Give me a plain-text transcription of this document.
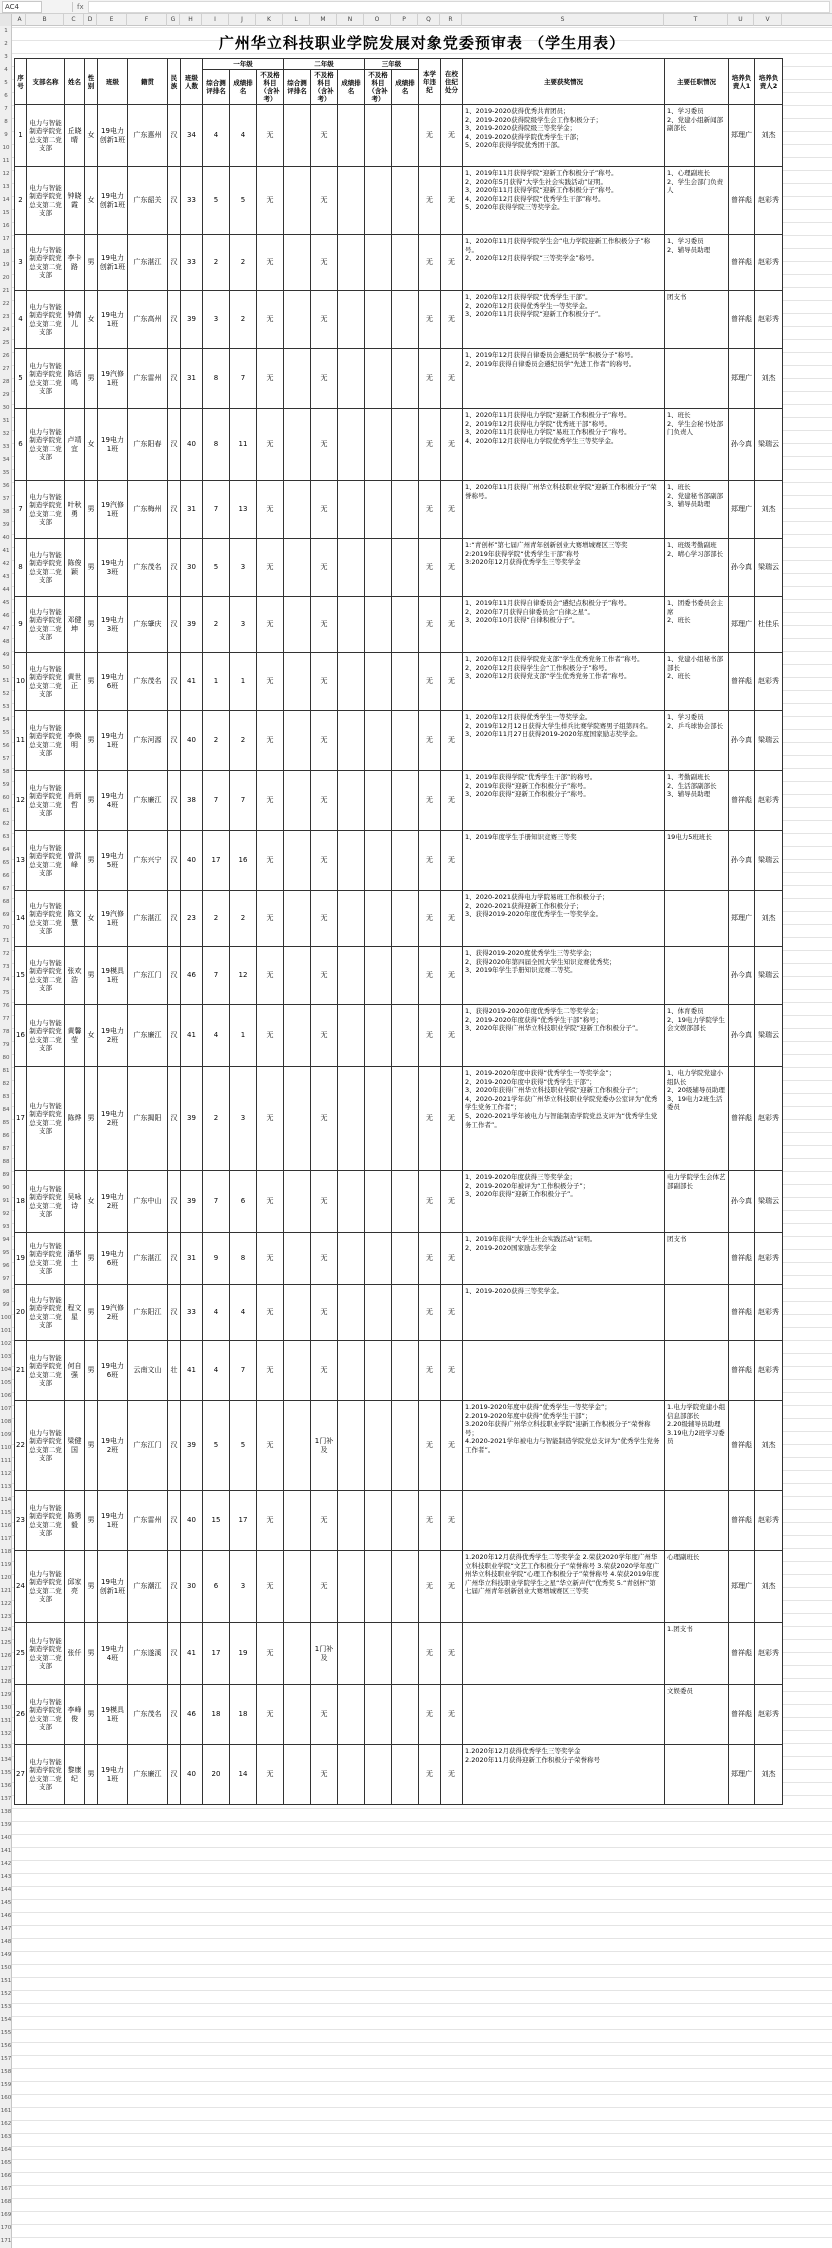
AC4	fx
A	B	C	D	E	F	G	H	I	J	K	L	M	N	O	P	Q	R	S	T	U	V
1
2
3
4
5
6
7
8
9
10
11
12
13
14
15
16
17
18
19
20
21
22
23
24
25
26
27
28
29
30
31
32
33
34
35
36
37
38
39
40
41
42
43
44
45
46
47
48
49
50
51
52
53
54
55
56
57
58
59
60
61
62
63
64
65
66
67
68
69
70
71
72
73
74
75
76
77
78
79
80
81
82
83
84
85
86
87
88
89
90
91
92
93
94
95
96
97
98
99
100
101
102
103
104
105
106
107
108
109
110
111
112
113
114
115
116
117
118
119
120
121
122
123
124
125
126
127
128
129
130
131
132
133
134
135
136
137
138
139
140
141
142
143
144
145
146
147
148
149
150
151
152
153
154
155
156
157
158
159
160
161
162
163
164
165
166
167
168
169
170
171
广州华立科技职业学院发展对象党委预审表 （学生用表）
序号	支部名称	姓名	性别	班级	籍贯	民族	班级人数	一年级			二年级			三年级		本学年违纪	在校住纪处分	主要获奖情况	主要任职情况	培养负责人1	培养负责人2
								综合测评排名	成绩排名	不及格科目（含补考）	综合测评排名	不及格科目（含补考）	成绩排名	不及格科目（含补考）	成绩排名						
1	电力与智能制造学院党总支第二党支部	丘晓晴	女	19电力创新1班	广东惠州	汉	34	4	4	无		无				无	无	1、2019-2020获得优秀共青团员；
2、2019-2020获得院级学生会工作积极分子；
3、2019-2020获得院级三等奖学金；
4、2019-2020获得学院优秀学生干部；
5、2020年获得学院优秀团干部。	1、学习委员
2、党建小组新闻部副部长	郑理广	刘杰
2	电力与智能制造学院党总支第二党支部	钟晓霞	女	19电力创新1班	广东韶关	汉	33	5	5	无		无				无	无	1、2019年11月获得学院“迎新工作积极分子”称号。
2、2020年5月获得“大学生社会实践活动”证明。
3、2020年11月获得学院“迎新工作积极分子”称号。
4、2020年12月获得学院“优秀学生干部”称号。
5、2020年获得学院三等奖学金。	1、心理副班长
2、学生会部门负责人	曾祥彪	赵彩秀
3	电力与智能制造学院党总支第二党支部	李卡路	男	19电力创新1班	广东湛江	汉	33	2	2	无		无				无	无	1、2020年11月获得学院学生会“电力学院迎新工作积极分子”称号。
2、2020年12月获得学院“三等奖学金”称号。	1、学习委员
2、辅导员助理	曾祥彪	赵彩秀
4	电力与智能制造学院党总支第二党支部	钟倩儿	女	19电力1班	广东高州	汉	39	3	2	无		无				无	无	1、2020年12月获得学院“优秀学生干部”。
2、2020年12月获得优秀学生一等奖学金。
3、2020年11月获得学院“迎新工作积极分子”。	团支书	曾祥彪	赵彩秀
5	电力与智能制造学院党总支第二党支部	陈话鸣	男	19汽修1班	广东雷州	汉	31	8	7	无		无				无	无	1、2019年12月获得自律委员会遴纪员学“积极分子”称号。
2、2019年获得自律委员会遴纪员学“先进工作者”的称号。		郑理广	刘杰
6	电力与智能制造学院党总支第二党支部	卢靖宜	女	19电力1班	广东阳春	汉	40	8	11	无		无				无	无	1、2020年11月获得电力学院“迎新工作积极分子”称号。
2、2019年12月获得电力学院“优秀班干部”称号。
3、2020年11月获得电力学院“易班工作积极分子”称号。
4、2020年12月获得电力学院优秀学生三等奖学金。	1、班长
2、学生会秘书处部门负责人	孙今真	梁瑞云
7	电力与智能制造学院党总支第二党支部	叶秋勇	男	19汽修1班	广东梅州	汉	31	7	13	无		无				无	无	1、2020年11月获得广州华立科技职业学院“迎新工作积极分子”荣誉称号。	1、班长
2、党建秘书部副部
3、辅导员助理	郑理广	刘杰
8	电力与智能制造学院党总支第二党支部	陈俊颖	男	19电力3班	广东茂名	汉	30	5	3	无		无				无	无	1:“青创杯”第七届广州青年创新创业大赛增城赛区三等奖
2:2019年获得学院“优秀学生干部”称号
3:2020年12月获得优秀学生三等奖学金	1、班级考勤副班
2、晴心学习部部长	孙今真	梁瑞云
9	电力与智能制造学院党总支第二党支部	邓健坤	男	19电力3班	广东肇庆	汉	39	2	3	无		无				无	无	1、2019年11月获得自律委员会“遴纪点积极分子”称号。
2、2020年7月获得自律委员会“自律之星”。
3、2020年10月获得“自律积极分子”。	1、团委书委员会主席
2、班长	郑理广	杜佳乐
10	电力与智能制造学院党总支第二党支部	黄世正	男	19电力6班	广东茂名	汉	41	1	1	无		无				无	无	1、2020年12月获得学院党支部“学生优秀党务工作者”称号。
2、2020年12月获得学生会“工作积极分子”称号。
3、2020年12月获得党支部“学生优秀党务工作者”称号。	1、党建小组秘书部部长
2、班长	曾祥彪	赵彩秀
11	电力与智能制造学院党总支第二党支部	李焕明	男	19电力1班	广东河源	汉	40	2	2	无		无				无	无	1、2020年12月获得优秀学生一等奖学金。
2、2019年12月12日获得大学生样兵比赛学院赛男子组第四名。
3、2020年11月27日获得2019-2020年度国家励志奖学金。	1、学习委员
2、乒乓球协会部长	孙今真	梁瑞云
12	电力与智能制造学院党总支第二党支部	肖炳哲	男	19电力4班	广东廉江	汉	38	7	7	无		无				无	无	1、2019年获得学院“优秀学生干部”的称号。
2、2019年获得“迎新工作积极分子”称号。
3、2020年获得“迎新工作积极分子”称号。	1、考勤副班长
2、生活部副部长
3、辅导员助理	曾祥彪	赵彩秀
13	电力与智能制造学院党总支第二党支部	曾洪峰	男	19电力5班	广东兴宁	汉	40	17	16	无		无				无	无	1、2019年度学生手册知识竞赛三等奖	19电力5班班长	孙今真	梁瑞云
14	电力与智能制造学院党总支第二党支部	陈文慧	女	19汽修1班	广东湛江	汉	23	2	2	无		无				无	无	1、2020-2021获得电力学院易班工作积极分子；
2、2020-2021获得迎新工作积极分子；
3、获得2019-2020年度优秀学生一等奖学金。		郑理广	刘杰
15	电力与智能制造学院党总支第二党支部	张欢浩	男	19模具1班	广东江门	汉	46	7	12	无		无				无	无	1、获得2019-2020度优秀学生三等奖学金；
2、获得2020年第四届全国大学生知识竞赛优秀奖；
3、2019年学生手册知识竞赛二等奖。		孙今真	梁瑞云
16	电力与智能制造学院党总支第二党支部	黄馨莹	女	19电力2班	广东廉江	汉	41	4	1	无		无				无	无	1、获得2019-2020年度优秀学生二等奖学金；
2、2019-2020年度获得“优秀学生干部”称号；
3、2020年获得广州华立科技职业学院“迎新工作积极分子”。	1、体育委员
2、19电力学院学生会文娱部部长	孙今真	梁瑞云
17	电力与智能制造学院党总支第二党支部	陈烨	男	19电力2班	广东揭阳	汉	39	2	3	无		无				无	无	1、2019-2020年度中获得“优秀学生一等奖学金”；
2、2019-2020年度中获得“优秀学生干部”；
3、2020年获得广州华立科技职业学院“迎新工作积极分子”；
4、2020-2021学年获广州华立科技职业学院党委办公室评为“优秀学生党务工作者”；
5、2020-2021学年被电力与智能制造学院党总支评为“优秀学生党务工作者”。	1、电力学院党建小组队长
2、20级辅导员助理
3、19电力2班生活委员	曾祥彪	赵彩秀
18	电力与智能制造学院党总支第二党支部	吴咏诗	女	19电力2班	广东中山	汉	39	7	6	无		无				无	无	1、2019-2020年度获得三等奖学金；
2、2019-2020年被评为“工作积极分子”；
3、2020年获得“迎新工作积极分子”。	电力学院学生会体艺部副部长	孙今真	梁瑞云
19	电力与智能制造学院党总支第二党支部	潘华土	男	19电力6班	广东湛江	汉	31	9	8	无		无				无	无	1、2019年获得“大学生社会实践活动”证明。
2、2019-2020国家励志奖学金	团支书	曾祥彪	赵彩秀
20	电力与智能制造学院党总支第二党支部	程文星	男	19汽修2班	广东阳江	汉	33	4	4	无		无				无	无	1、2019-2020获得三等奖学金。		曾祥彪	赵彩秀
21	电力与智能制造学院党总支第二党支部	何自强	男	19电力6班	云南文山	壮	41	4	7	无		无				无	无			曾祥彪	赵彩秀
22	电力与智能制造学院党总支第二党支部	梁健国	男	19电力2班	广东江门	汉	39	5	5	无		1门补及				无	无	1.2019-2020年度中获得“优秀学生一等奖学金”；
2.2019-2020年度中获得“优秀学生干部”；
3.2020年获得广州华立科技职业学院“迎新工作积极分子”荣誉称号；
4.2020-2021学年被电力与智能制造学院党总支评为“优秀学生党务工作者”。	1.电力学院党建小组信息部部长
2.20级辅导员助理
3.19电力2班学习委员	曾祥彪	刘杰
23	电力与智能制造学院党总支第二党支部	陈勇毅	男	19电力1班	广东雷州	汉	40	15	17	无		无				无	无			曾祥彪	赵彩秀
24	电力与智能制造学院党总支第二党支部	邱家亮	男	19电力创新1班	广东潮江	汉	30	6	3	无		无				无	无	1.2020年12月获得优秀学生二等奖学金 2.荣获2020学年度广州华立科技职业学院“文艺工作积极分子”荣誉称号 3.荣获2020学年度广州华立科技职业学院“心理工作积极分子”荣誉称号 4.荣获2019年度广州华立科技职业学院学生之星“华立新声代”优秀奖 5.“青创杯”第七届广州青年创新创业大赛增城赛区三等奖	心理副班长	郑理广	刘杰
25	电力与智能制造学院党总支第二党支部	张仟	男	19电力4班	广东遂溪	汉	41	17	19	无		1门补及				无	无		1.团支书	曾祥彪	赵彩秀
26	电力与智能制造学院党总支第二党支部	李峰俊	男	19模具1班	广东茂名	汉	46	18	18	无		无				无	无		文娱委员	曾祥彪	赵彩秀
27	电力与智能制造学院党总支第二党支部	黎康纪	男	19电力1班	广东廉江	汉	40	20	14	无		无				无	无	1.2020年12月获得优秀学生三等奖学金
2.2020年11月获得迎新工作积极分子荣誉称号		郑理广	刘杰
